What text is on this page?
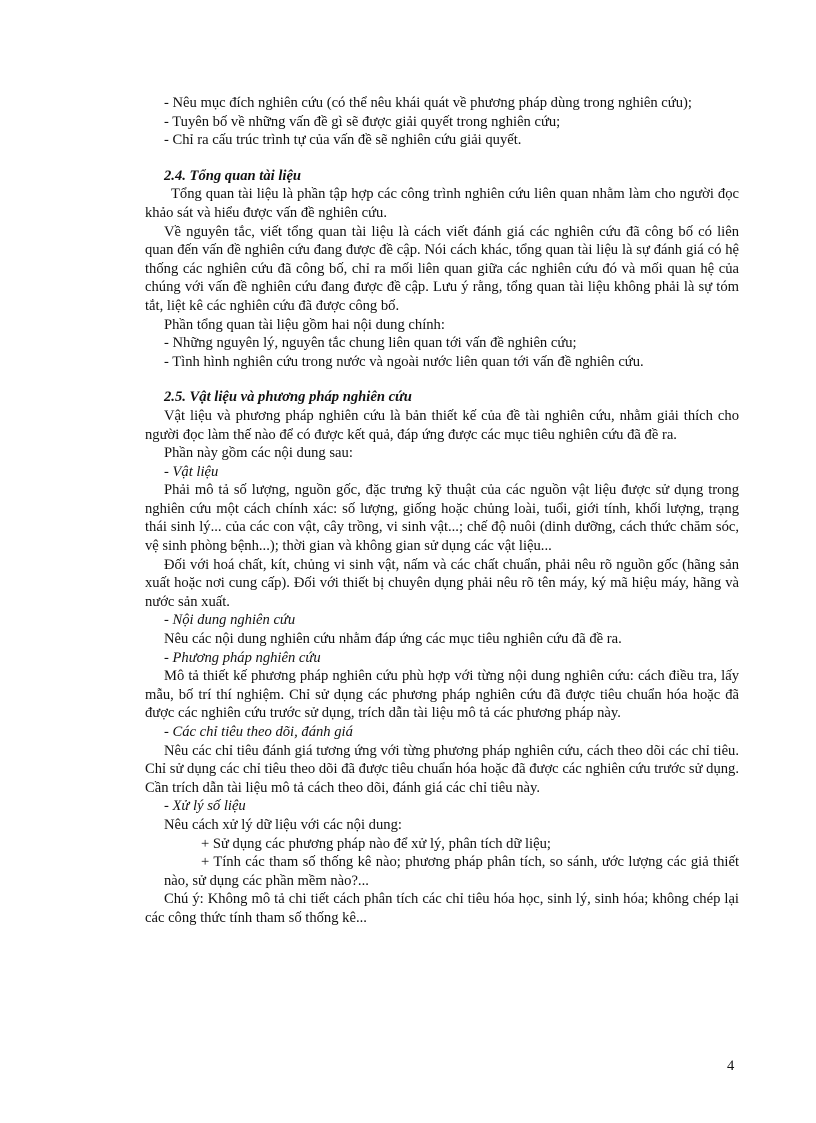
- Nêu mục đích nghiên cứu (có thể nêu khái quát về phương pháp dùng trong nghiên cứu);

- Tuyên bố về những vấn đề gì sẽ được giải quyết trong nghiên cứu;

- Chỉ ra cấu trúc trình tự của vấn đề sẽ nghiên cứu giải quyết.

2.4. Tổng quan tài liệu

Tổng quan tài liệu là phần tập hợp các công trình nghiên cứu liên quan nhằm làm cho người đọc khảo sát và hiểu được vấn đề nghiên cứu.

Về nguyên tắc, viết tổng quan tài liệu là cách viết đánh giá các nghiên cứu đã công bố có liên quan đến vấn đề nghiên cứu đang được đề cập. Nói cách khác, tổng quan tài liệu là sự đánh giá có hệ thống các nghiên cứu đã công bố, chỉ ra mối liên quan giữa các nghiên cứu đó và mối quan hệ của chúng với vấn đề nghiên cứu đang được đề cập. Lưu ý rằng, tổng quan tài liệu không phải là sự tóm tắt, liệt kê các nghiên cứu đã được công bố.

Phần tổng quan tài liệu gồm hai nội dung chính:

- Những nguyên lý, nguyên tắc chung liên quan tới vấn đề nghiên cứu;

- Tình hình nghiên cứu trong nước và ngoài nước liên quan tới vấn đề nghiên cứu.

2.5. Vật liệu và phương pháp nghiên cứu

Vật liệu và phương pháp nghiên cứu là bản thiết kế của đề tài nghiên cứu, nhằm giải thích cho người đọc làm thế nào để có được kết quả, đáp ứng được các mục tiêu nghiên cứu đã đề ra.

Phần này gồm các nội dung sau:

- Vật liệu

Phải mô tả số lượng, nguồn gốc, đặc trưng kỹ thuật của các nguồn vật liệu được sử dụng trong nghiên cứu một cách chính xác: số lượng, giống hoặc chủng loài, tuổi, giới tính, khối lượng, trạng thái sinh lý... của các con vật, cây trồng, vi sinh vật...; chế độ nuôi (dinh dưỡng, cách thức chăm sóc, vệ sinh phòng bệnh...); thời gian và không gian sử dụng các vật liệu...

Đối với hoá chất, kít, chủng vi sinh vật, nấm và các chất chuẩn, phải nêu rõ nguồn gốc (hãng sản xuất hoặc nơi cung cấp). Đối với thiết bị chuyên dụng phải nêu rõ tên máy, ký mã hiệu máy, hãng và nước sản xuất.

- Nội dung nghiên cứu

Nêu các nội dung nghiên cứu nhằm đáp ứng các mục tiêu nghiên cứu đã đề ra.

- Phương pháp nghiên cứu

Mô tả thiết kế phương pháp nghiên cứu phù hợp với từng nội dung nghiên cứu: cách điều tra, lấy mẫu, bố trí thí nghiệm. Chỉ sử dụng các phương pháp nghiên cứu đã được tiêu chuẩn hóa hoặc đã được các nghiên cứu trước sử dụng, trích dẫn tài liệu mô tả các phương pháp này.

- Các chỉ tiêu theo dõi, đánh giá

Nêu các chỉ tiêu đánh giá tương ứng với từng phương pháp nghiên cứu, cách theo dõi các chỉ tiêu. Chỉ sử dụng các chỉ tiêu theo dõi đã được tiêu chuẩn hóa hoặc đã được các nghiên cứu trước sử dụng. Cần trích dẫn tài liệu mô tả cách theo dõi, đánh giá các chỉ tiêu này.

- Xử lý số liệu

Nêu cách xử lý dữ liệu với các nội dung:

+ Sử dụng các phương pháp nào để xử lý, phân tích dữ liệu;

+ Tính các tham số thống kê nào; phương pháp phân tích, so sánh, ước lượng các giả thiết nào, sử dụng các phần mềm nào?...

Chú ý: Không mô tả chi tiết cách phân tích các chỉ tiêu hóa học, sinh lý, sinh hóa; không chép lại các công thức tính tham số thống kê...

4
